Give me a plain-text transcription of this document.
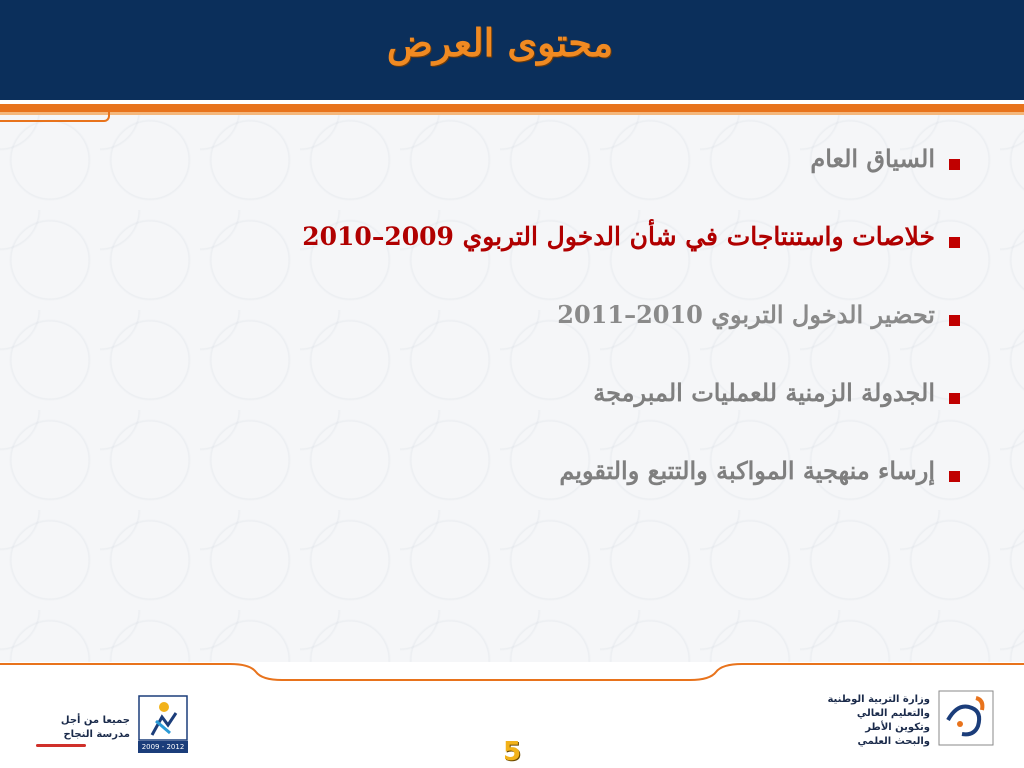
محتوى العرض
السياق العام
خلاصات واستنتاجات في شأن الدخول التربوي 2009–2010
تحضير الدخول التربوي 2010–2011
الجدولة الزمنية للعمليات المبرمجة
إرساء منهجية المواكبة والتتبع والتقويم
وزارة التربية الوطنية
والتعليم العالي
وتكوين الأطر
والبحث العلمي
2009 - 2012
جميعا من أجل
مدرسة النجاح
5
